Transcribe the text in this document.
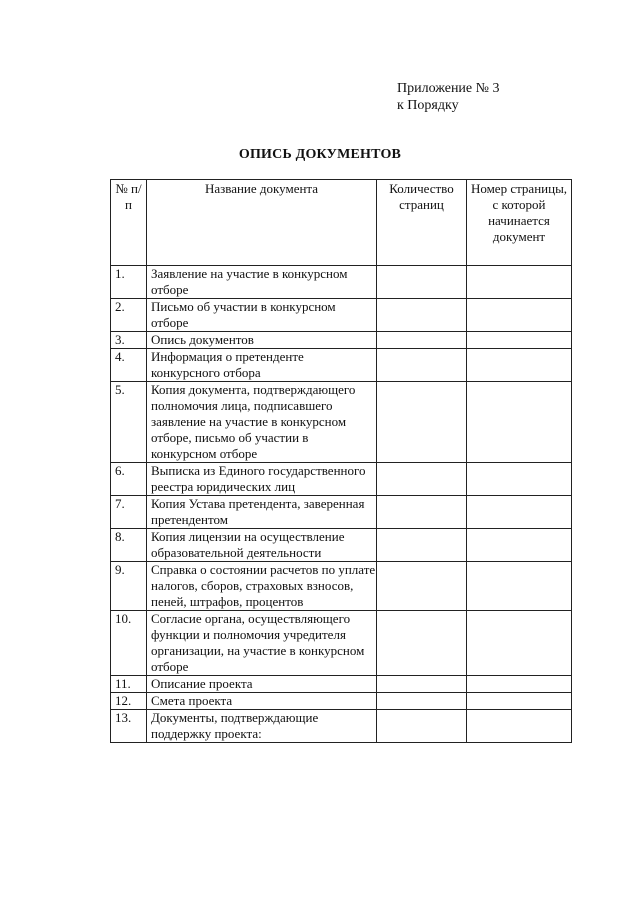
Приложение № 3
к Порядку
ОПИСЬ ДОКУМЕНТОВ
№ п/п	Название документа	Количество страниц	Номер страницы, с которой начинается документ
1.	Заявление на участие в конкурсном отборе		
2.	Письмо об участии в конкурсном отборе		
3.	Опись документов		
4.	Информация о претенденте конкурсного отбора		
5.	Копия документа, подтверждающего полномочия лица, подписавшего заявление на участие в конкурсном отборе, письмо об участии в конкурсном отборе		
6.	Выписка из Единого государственного реестра юридических лиц		
7.	Копия Устава претендента, заверенная претендентом		
8.	Копия лицензии на осуществление образовательной деятельности		
9.	Справка о состоянии расчетов по уплате налогов, сборов, страховых взносов, пеней, штрафов, процентов		
10.	Согласие органа, осуществляющего функции и полномочия учредителя организации, на участие в конкурсном отборе		
11.	Описание проекта		
12.	Смета проекта		
13.	Документы, подтверждающие поддержку проекта:		
